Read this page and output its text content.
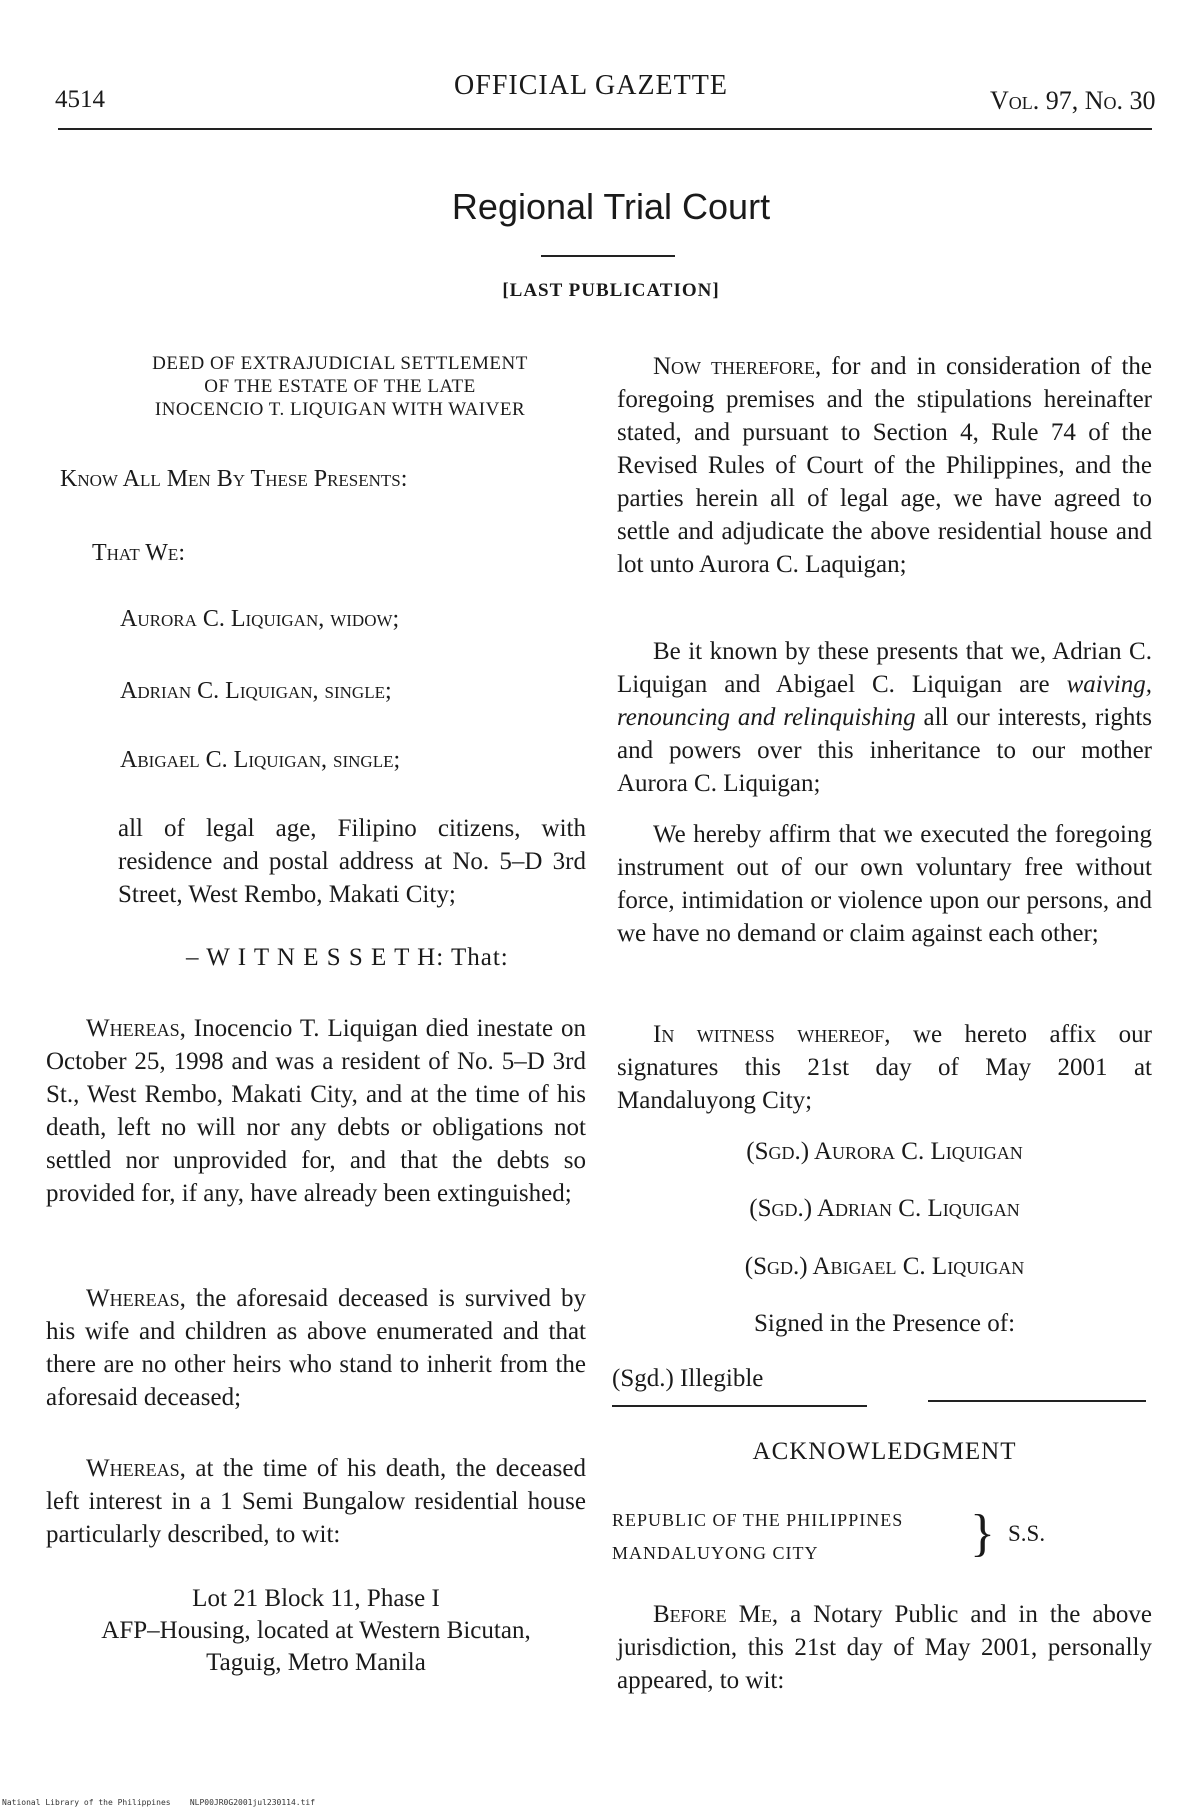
4514	OFFICIAL GAZETTE	Vol. 97, No. 30
Regional Trial Court
[LAST PUBLICATION]
DEED OF EXTRAJUDICIAL SETTLEMENT
OF THE ESTATE OF THE LATE
INOCENCIO T. LIQUIGAN WITH WAIVER
Know All Men By These Presents:
That We:
Aurora C. Liquigan, widow;
Adrian C. Liquigan, single;
Abigael C. Liquigan, single;
all of legal age, Filipino citizens, with residence and postal address at No. 5–D 3rd Street, West Rembo, Makati City;
– W I T N E S S E T H: That:

Whereas, Inocencio T. Liquigan died inestate on October 25, 1998 and was a resident of No. 5–D 3rd St., West Rembo, Makati City, and at the time of his death, left no will nor any debts or obligations not settled nor unprovided for, and that the debts so provided for, if any, have already been extinguished;

Whereas, the aforesaid deceased is survived by his wife and children as above enumerated and that there are no other heirs who stand to inherit from the aforesaid deceased;

Whereas, at the time of his death, the deceased left interest in a 1 Semi Bungalow residential house particularly described, to wit:

Lot 21 Block 11, Phase I
AFP–Housing, located at Western Bicutan,
Taguig, Metro Manila

Now therefore, for and in consideration of the foregoing premises and the stipulations hereinafter stated, and pursuant to Section 4, Rule 74 of the Revised Rules of Court of the Philippines, and the parties herein all of legal age, we have agreed to settle and adjudicate the above residential house and lot unto Aurora C. Laquigan;

Be it known by these presents that we, Adrian C. Liquigan and Abigael C. Liquigan are waiving, renouncing and relinquishing all our interests, rights and powers over this inheritance to our mother Aurora C. Liquigan;

We hereby affirm that we executed the foregoing instrument out of our own voluntary free without force, intimidation or violence upon our persons, and we have no demand or claim against each other;

In witness whereof, we hereto affix our signatures this 21st day of May 2001 at Mandaluyong City;

(Sgd.) Aurora C. Liquigan
(Sgd.) Adrian C. Liquigan
(Sgd.) Abigael C. Liquigan
Signed in the Presence of:
(Sgd.) Illegible
ACKNOWLEDGMENT
REPUBLIC OF THE PHILIPPINES
MANDALUYONG CITY	} S.S.

Before Me, a Notary Public and in the above jurisdiction, this 21st day of May 2001, personally appeared, to wit:

National Library of the Philippines    NLP00JR0G2001jul230114.tif
